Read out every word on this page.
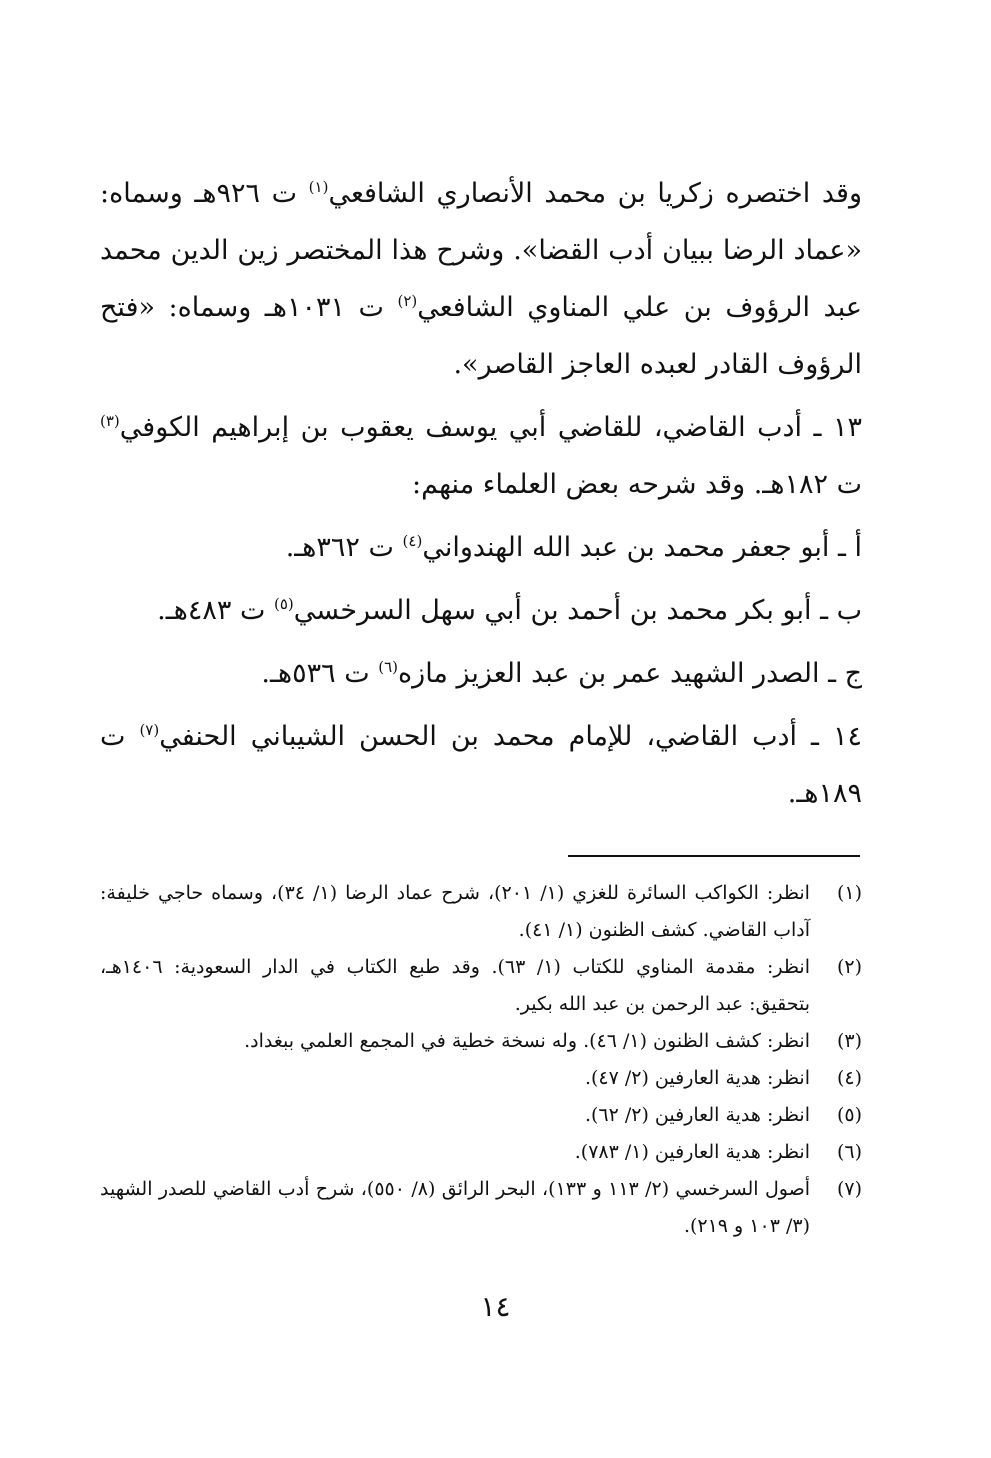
وقد اختصره زكريا بن محمد الأنصاري الشافعي$^{(١)}$ ت ٩٢٦هـ وسماه: «عماد الرضا ببيان أدب القضا». وشرح هذا المختصر زين الدين محمد عبد الرؤوف بن علي المناوي الشافعي$^{(٢)}$ ت ١٠٣١هـ وسماه: «فتح الرؤوف القادر لعبده العاجز القاصر».

١٣ ـ أدب القاضي، للقاضي أبي يوسف يعقوب بن إبراهيم الكوفي$^{(٣)}$ ت ١٨٢هـ. وقد شرحه بعض العلماء منهم:

أ ـ أبو جعفر محمد بن عبد الله الهندواني$^{(٤)}$ ت ٣٦٢هـ.

ب ـ أبو بكر محمد بن أحمد بن أبي سهل السرخسي$^{(٥)}$ ت ٤٨٣هـ.

ج ـ الصدر الشهيد عمر بن عبد العزيز مازه$^{(٦)}$ ت ٥٣٦هـ.

١٤ ـ أدب القاضي، للإمام محمد بن الحسن الشيباني الحنفي$^{(٧)}$ ت ١٨٩هـ.

(١)
انظر: الكواكب السائرة للغزي (١/ ٢٠١)، شرح عماد الرضا (١/ ٣٤)، وسماه حاجي خليفة: آداب القاضي. كشف الظنون (١/ ٤١).
(٢)
انظر: مقدمة المناوي للكتاب (١/ ٦٣). وقد طبع الكتاب في الدار السعودية: ١٤٠٦هـ، بتحقيق: عبد الرحمن بن عبد الله بكير.
(٣)
انظر: كشف الظنون (١/ ٤٦). وله نسخة خطية في المجمع العلمي ببغداد.
(٤)
انظر: هدية العارفين (٢/ ٤٧).
(٥)
انظر: هدية العارفين (٢/ ٦٢).
(٦)
انظر: هدية العارفين (١/ ٧٨٣).
(٧)
أصول السرخسي (٢/ ١١٣ و ١٣٣)، البحر الرائق (٨/ ٥٥٠)، شرح أدب القاضي للصدر الشهيد (٣/ ١٠٣ و ٢١٩).
١٤
